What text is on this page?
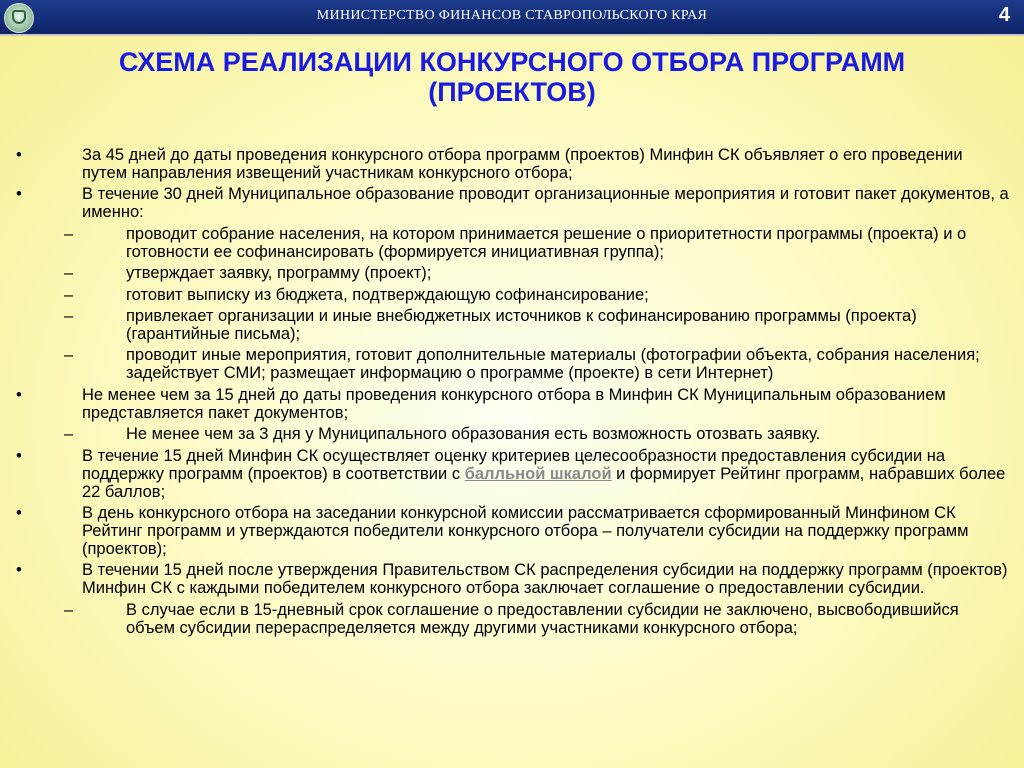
МИНИСТЕРСТВО ФИНАНСОВ СТАВРОПОЛЬСКОГО КРАЯ	4
СХЕМА РЕАЛИЗАЦИИ КОНКУРСНОГО ОТБОРА ПРОГРАММ
(ПРОЕКТОВ)
•	За 45 дней до даты проведения конкурсного отбора программ (проектов) Минфин СК объявляет о его проведении путем направления извещений участникам конкурсного отбора;
•	В течение 30 дней Муниципальное образование проводит организационные мероприятия и готовит пакет документов, а именно:
–	проводит собрание населения, на котором принимается решение о приоритетности программы (проекта) и о готовности ее софинансировать (формируется инициативная группа);
–	утверждает заявку, программу (проект);
–	готовит выписку из бюджета, подтверждающую софинансирование;
–	привлекает организации и иные внебюджетных источников к софинансированию программы (проекта) (гарантийные письма);
–	проводит иные мероприятия, готовит дополнительные материалы (фотографии объекта, собрания населения; задействует СМИ; размещает информацию о программе (проекте) в сети Интернет)
•	Не менее чем за 15 дней до даты проведения конкурсного отбора в Минфин СК Муниципальным образованием представляется пакет документов;
–	Не менее чем за 3 дня у Муниципального образования есть возможность отозвать заявку.
•	В течение 15 дней Минфин СК осуществляет оценку критериев целесообразности предоставления субсидии на поддержку программ (проектов) в соответствии с балльной шкалой и формирует Рейтинг программ, набравших более 22 баллов;
•	В день конкурсного отбора на заседании конкурсной комиссии рассматривается сформированный Минфином СК Рейтинг программ и утверждаются победители конкурсного отбора – получатели субсидии на поддержку программ (проектов);
•	В течении 15 дней после утверждения Правительством СК распределения субсидии на поддержку программ (проектов) Минфин СК с каждыми победителем конкурсного отбора заключает соглашение о предоставлении субсидии.
–	В случае если в 15-дневный срок соглашение о предоставлении субсидии не заключено, высвободившийся объем субсидии перераспределяется между другими участниками конкурсного отбора;
